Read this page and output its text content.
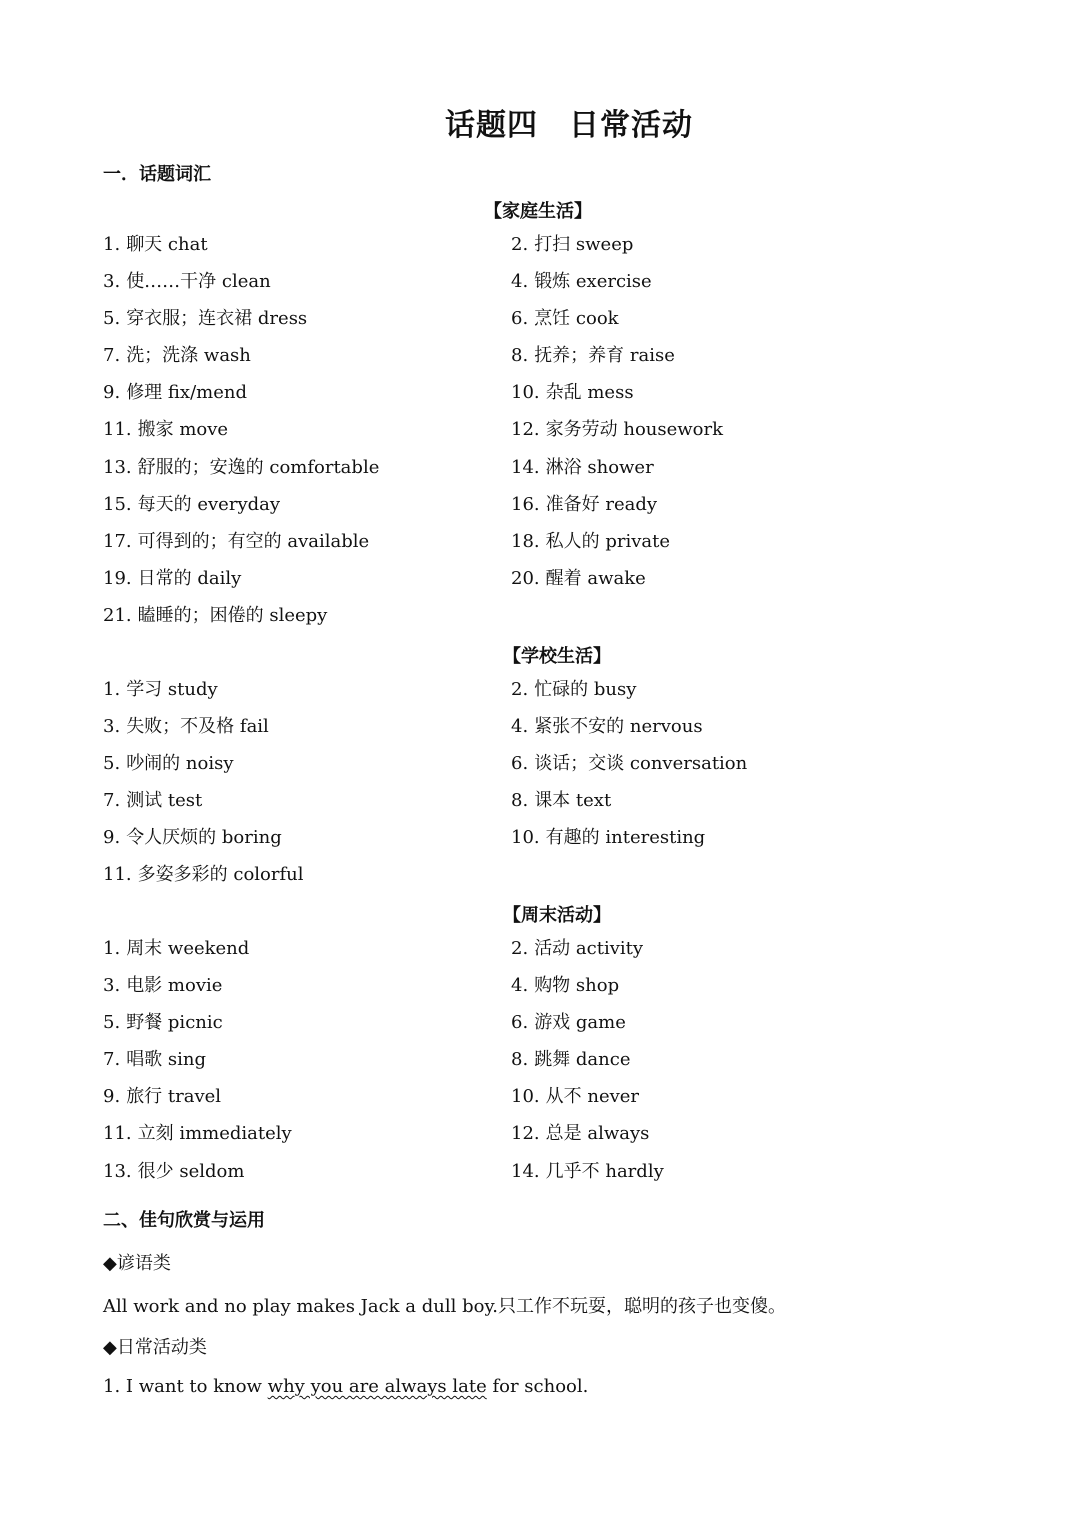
话题四　日常活动
一．话题词汇
【家庭生活】
1. 聊天 chat	2. 打扫 sweep
3. 使……干净 clean	4. 锻炼 exercise
5. 穿衣服；连衣裙 dress	6. 烹饪 cook
7. 洗；洗涤 wash	8. 抚养；养育 raise
9. 修理 fix/mend	10. 杂乱 mess
11. 搬家 move	12. 家务劳动 housework
13. 舒服的；安逸的 comfortable	14. 淋浴 shower
15. 每天的 everyday	16. 准备好 ready
17. 可得到的；有空的 available	18. 私人的 private
19. 日常的 daily	20. 醒着 awake
21. 瞌睡的；困倦的 sleepy
【学校生活】
1. 学习 study	2. 忙碌的 busy
3. 失败；不及格 fail	4. 紧张不安的 nervous
5. 吵闹的 noisy	6. 谈话；交谈 conversation
7. 测试 test	8. 课本 text
9. 令人厌烦的 boring	10. 有趣的 interesting
11. 多姿多彩的 colorful
【周末活动】
1. 周末 weekend	2. 活动 activity
3. 电影 movie	4. 购物 shop
5. 野餐 picnic	6. 游戏 game
7. 唱歌 sing	8. 跳舞 dance
9. 旅行 travel	10. 从不 never
11. 立刻 immediately	12. 总是 always
13. 很少 seldom	14. 几乎不 hardly
二、佳句欣赏与运用
◆谚语类
All work and no play makes Jack a dull boy.只工作不玩耍，聪明的孩子也变傻。
◆日常活动类
1. I want to know why you are always late for school.
